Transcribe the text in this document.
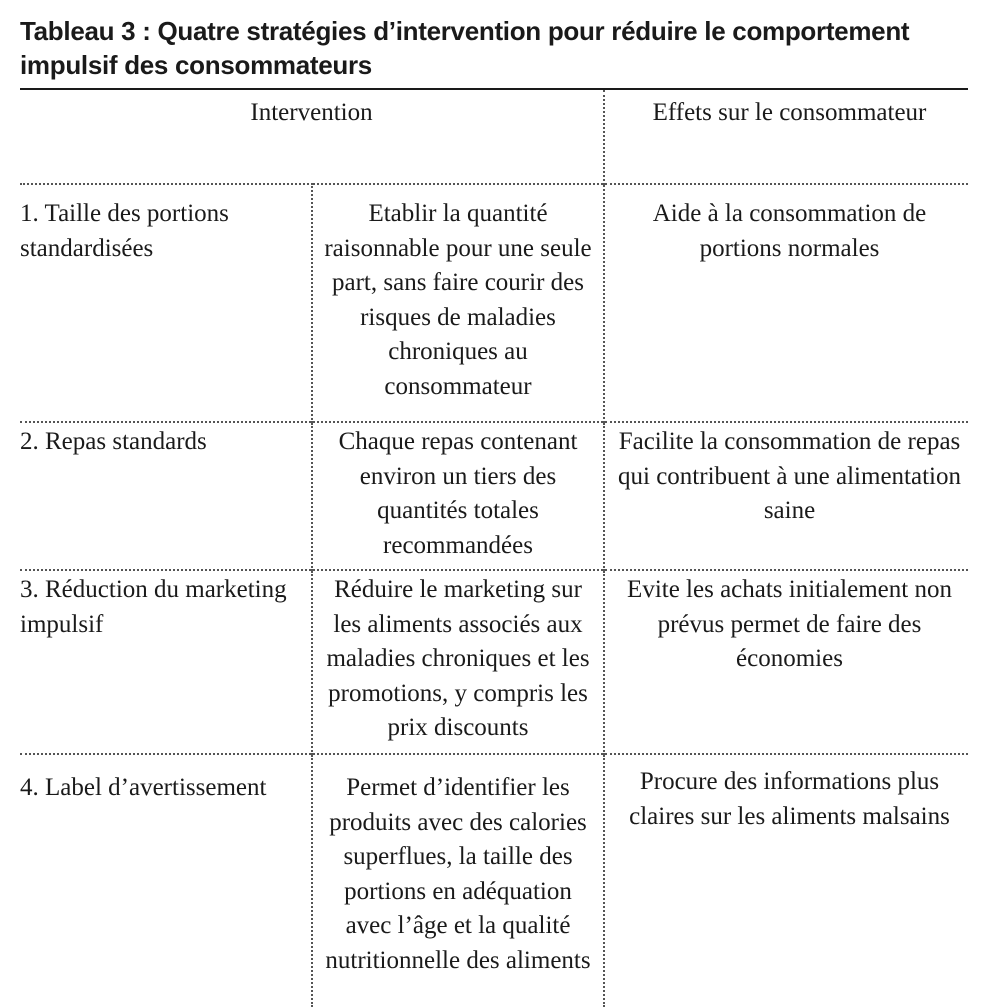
Tableau 3 : Quatre stratégies d’intervention pour réduire le comportement impulsif des consommateurs
Intervention		Effets sur le consommateur
1. Taille des portions standardisées	Etablir la quantité raisonnable pour une seule part, sans faire courir des risques de maladies chroniques au consommateur	Aide à la consommation de portions normales
2. Repas standards	Chaque repas contenant environ un tiers des quantités totales recommandées	Facilite la consommation de repas qui contribuent à une alimentation saine
3. Réduction du marketing impulsif	Réduire le marketing sur les aliments associés aux maladies chroniques et les promotions, y compris les prix discounts	Evite les achats initialement non prévus permet de faire des économies
4. Label d’avertissement	Permet d’identifier les produits avec des calories superflues, la taille des portions en adéquation avec l’âge et la qualité nutritionnelle des aliments	Procure des informations plus claires sur les aliments malsains
